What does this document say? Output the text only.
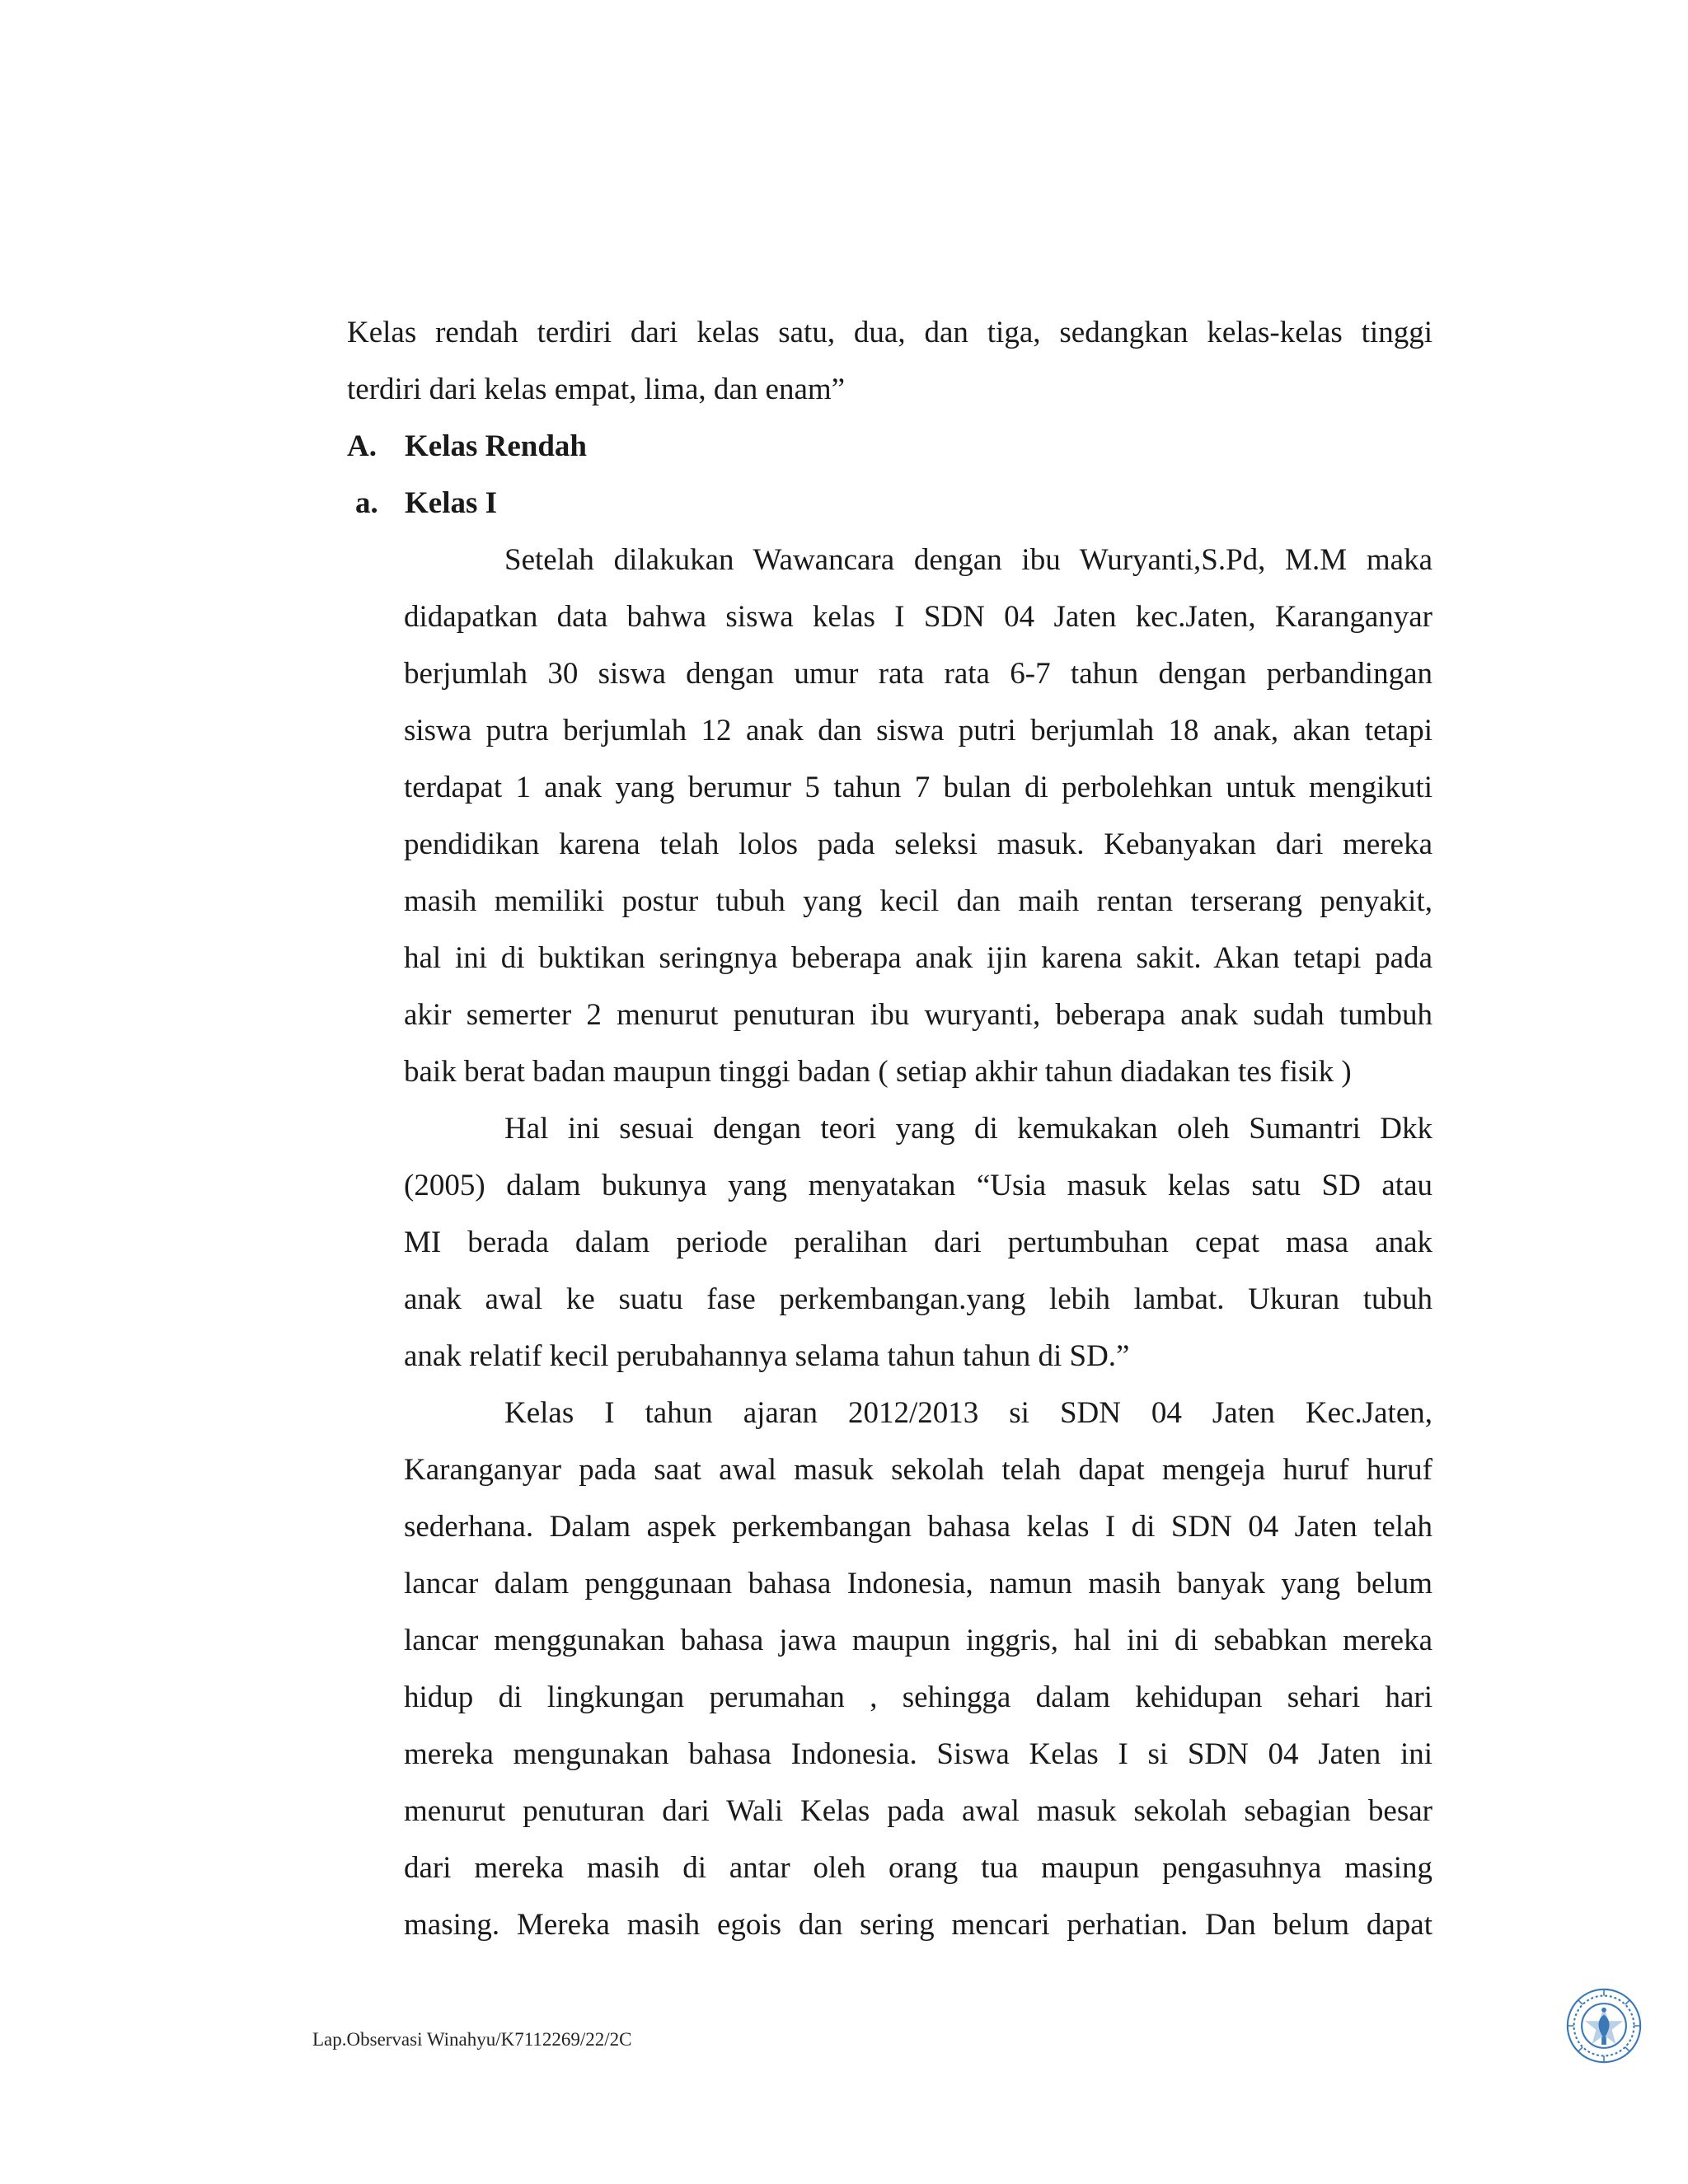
Kelas rendah terdiri dari kelas satu, dua, dan tiga, sedangkan kelas-kelas tinggi
terdiri dari kelas empat, lima, dan enam”
A. Kelas Rendah
a. Kelas I
Setelah dilakukan Wawancara dengan ibu Wuryanti,S.Pd, M.M maka
didapatkan data bahwa siswa kelas I SDN 04 Jaten kec.Jaten, Karanganyar
berjumlah 30 siswa dengan umur rata rata 6-7 tahun dengan perbandingan
siswa putra berjumlah 12 anak dan siswa putri berjumlah 18 anak, akan tetapi
terdapat 1 anak yang berumur 5 tahun 7 bulan di perbolehkan untuk mengikuti
pendidikan karena telah lolos pada seleksi masuk. Kebanyakan dari mereka
masih memiliki postur tubuh yang kecil dan maih rentan terserang penyakit,
hal ini di buktikan seringnya beberapa anak ijin karena sakit. Akan tetapi pada
akir semerter 2 menurut penuturan ibu wuryanti, beberapa anak sudah tumbuh
baik berat badan maupun tinggi badan ( setiap akhir tahun diadakan tes fisik )
Hal ini sesuai dengan teori yang di kemukakan oleh Sumantri Dkk
(2005) dalam bukunya yang menyatakan “Usia masuk kelas satu SD atau
MI berada dalam periode peralihan dari pertumbuhan cepat masa anak
anak awal ke suatu fase perkembangan.yang lebih lambat. Ukuran tubuh
anak relatif kecil perubahannya selama tahun tahun di SD.”
Kelas I tahun ajaran 2012/2013 si SDN 04 Jaten Kec.Jaten,
Karanganyar pada saat awal masuk sekolah telah dapat mengeja huruf huruf
sederhana. Dalam aspek perkembangan bahasa kelas I di SDN 04 Jaten telah
lancar dalam penggunaan bahasa Indonesia, namun masih banyak yang belum
lancar menggunakan bahasa jawa maupun inggris, hal ini di sebabkan mereka
hidup di lingkungan perumahan , sehingga dalam kehidupan sehari hari
mereka mengunakan bahasa Indonesia. Siswa Kelas I si SDN 04 Jaten ini
menurut penuturan dari Wali Kelas pada awal masuk sekolah sebagian besar
dari mereka masih di antar oleh orang tua maupun pengasuhnya masing
masing. Mereka masih egois dan sering mencari perhatian. Dan belum dapat
Lap.Observasi Winahyu/K7112269/22/2C
